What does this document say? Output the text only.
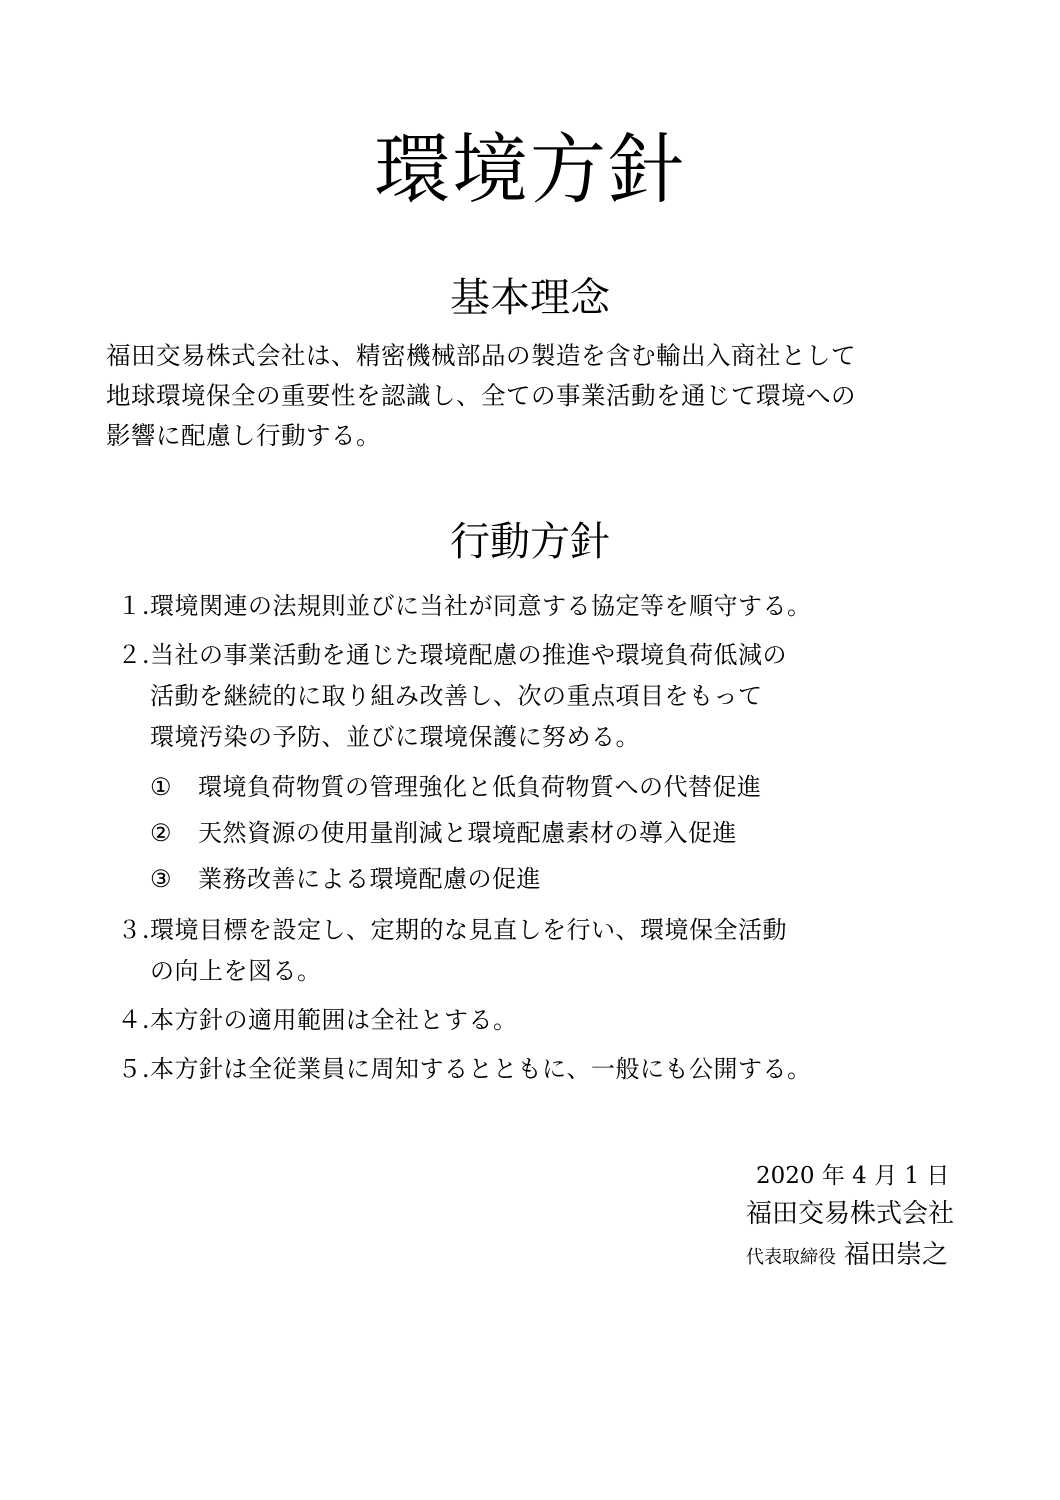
環境方針
基本理念
福田交易株式会社は、精密機械部品の製造を含む輸出入商社として
地球環境保全の重要性を認識し、全ての事業活動を通じて環境への
影響に配慮し行動する。
行動方針
１. 環境関連の法規則並びに当社が同意する協定等を順守する。
２. 当社の事業活動を通じた環境配慮の推進や環境負荷低減の
活動を継続的に取り組み改善し、次の重点項目をもって
環境汚染の予防、並びに環境保護に努める。
① 環境負荷物質の管理強化と低負荷物質への代替促進
② 天然資源の使用量削減と環境配慮素材の導入促進
③ 業務改善による環境配慮の促進
３. 環境目標を設定し、定期的な見直しを行い、環境保全活動
の向上を図る。
４. 本方針の適用範囲は全社とする。
５. 本方針は全従業員に周知するとともに、一般にも公開する。
2020 年 4 月 1 日
福田交易株式会社
代表取締役 福田崇之
